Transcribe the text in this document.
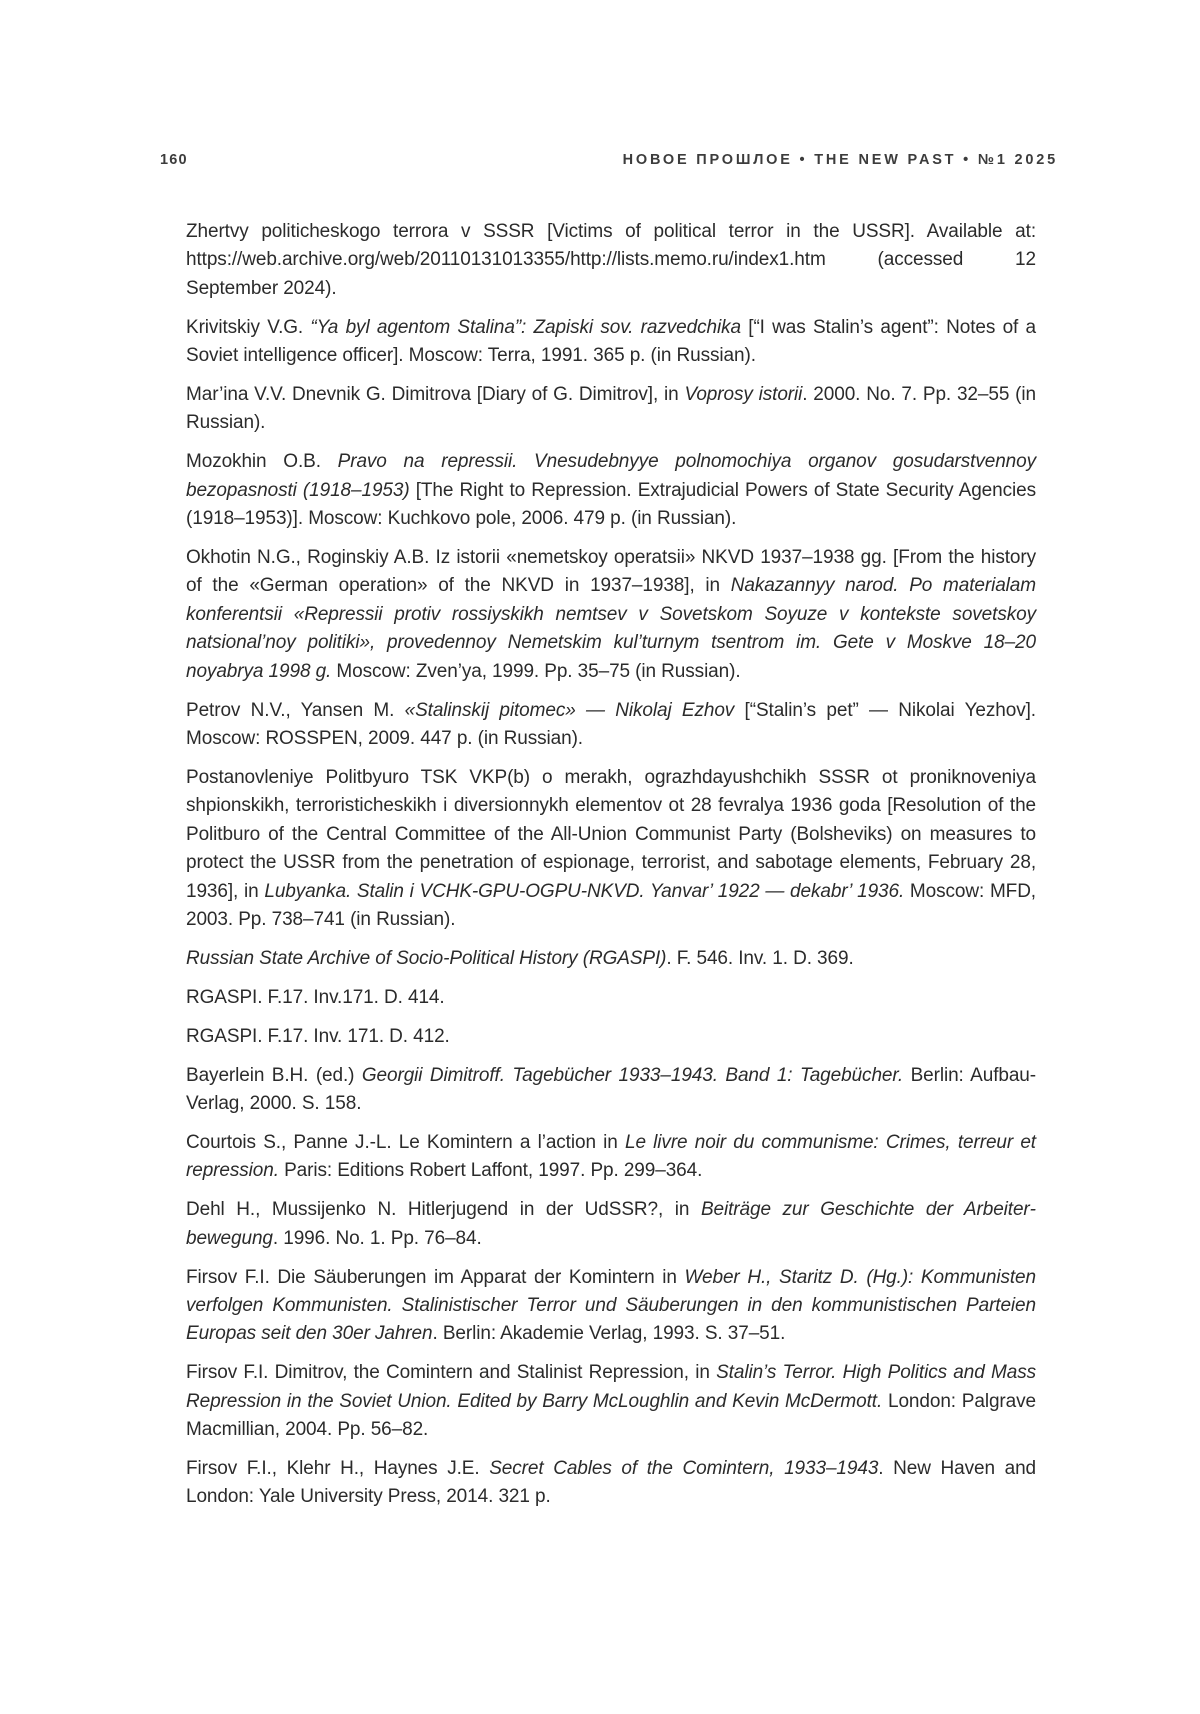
160	НОВОЕ ПРОШЛОЕ • THE NEW PAST • №1 2025

Zhertvy politicheskogo terrora v SSSR [Victims of political terror in the USSR]. Available at: https://web.archive.org/web/20110131013355/http://lists.memo.ru/index1.htm (accessed 12 September 2024).

Krivitskiy V.G. “Ya byl agentom Stalina”: Zapiski sov. razvedchika [“I was Stalin’s agent”: Notes of a Soviet intelligence officer]. Moscow: Terra, 1991. 365 p. (in Russian).

Mar’ina V.V. Dnevnik G. Dimitrova [Diary of G. Dimitrov], in Voprosy istorii. 2000. No. 7. Pp. 32–55 (in Russian).

Mozokhin O.B. Pravo na repressii. Vnesudebnyye polnomochiya organov gosudarstvennoy bezopasnosti (1918–1953) [The Right to Repression. Extrajudicial Powers of State Security Agencies (1918–1953)]. Moscow: Kuchkovo pole, 2006. 479 p. (in Russian).

Okhotin N.G., Roginskiy A.B. Iz istorii «nemetskoy operatsii» NKVD 1937–1938 gg. [From the history of the «German operation» of the NKVD in 1937–1938], in Nakazannyy narod. Po materialam konferentsii «Repressii protiv rossiyskikh nemtsev v Sovetskom Soyuze v kontekste sovetskoy natsional’noy politiki», provedennoy Nemetskim kul’turnym tsentrom im. Gete v Moskve 18–20 noyabrya 1998 g. Moscow: Zven’ya, 1999. Pp. 35–75 (in Russian).

Petrov N.V., Yansen M. «Stalinskij pitomec» — Nikolaj Ezhov [“Stalin’s pet” — Nikolai Yezhov]. Moscow: ROSSPEN, 2009. 447 p. (in Russian).

Postanovleniye Politbyuro TSK VKP(b) o merakh, ograzhdayushchikh SSSR ot proniknoveniya shpionskikh, terroristicheskikh i diversionnykh elementov ot 28 fevralya 1936 goda [Resolution of the Politburo of the Central Committee of the All-Union Communist Party (Bolsheviks) on measures to protect the USSR from the penetration of espionage, terrorist, and sabotage elements, February 28, 1936], in Lubyanka. Stalin i VCHK-GPU-OGPU-NKVD. Yanvar’ 1922 — dekabr’ 1936. Moscow: MFD, 2003. Pp. 738–741 (in Russian).

Russian State Archive of Socio-Political History (RGASPI). F. 546. Inv. 1. D. 369.

RGASPI. F.17. Inv.171. D. 414.

RGASPI. F.17. Inv. 171. D. 412.

Bayerlein B.H. (ed.) Georgii Dimitroff. Tagebücher 1933–1943. Band 1: Tagebücher. Berlin: Aufbau-Verlag, 2000. S. 158.

Courtois S., Panne J.-L. Le Komintern a l’action in Le livre noir du communisme: Crimes, terreur et repression. Paris: Editions Robert Laffont, 1997. Pp. 299–364.

Dehl H., Mussijenko N. Hitlerjugend in der UdSSR?, in Beiträge zur Geschichte der Arbeiterbewegung. 1996. No. 1. Pp. 76–84.

Firsov F.I. Die Säuberungen im Apparat der Komintern in Weber H., Staritz D. (Hg.): Kommunisten verfolgen Kommunisten. Stalinistischer Terror und Säuberungen in den kommunistischen Parteien Europas seit den 30er Jahren. Berlin: Akademie Verlag, 1993. S. 37–51.

Firsov F.I. Dimitrov, the Comintern and Stalinist Repression, in Stalin’s Terror. High Politics and Mass Repression in the Soviet Union. Edited by Barry McLoughlin and Kevin McDermott. London: Palgrave Macmillian, 2004. Pp. 56–82.

Firsov F.I., Klehr H., Haynes J.E. Secret Cables of the Comintern, 1933–1943. New Haven and London: Yale University Press, 2014. 321 p.
